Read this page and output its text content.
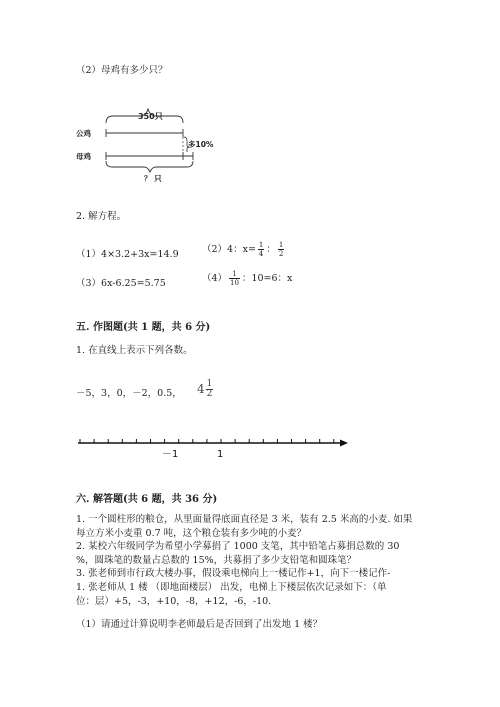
（2）母鸡有多少只？
350只
公鸡
母鸡
多10%
？ 只
2. 解方程。
（1）4×3.2+3x=14.9 （2）4：$x= \frac{1}{4}$ ： $\frac{1}{2}$
（3）6x-6.25=5.75	$(4) \frac{1}{10}$ ：10=6：x
五. 作图题(共 1 题，共 6 分)
1. 在直线上表示下列各数。
－5，3，0，－2，0.5， $4 \frac{1}{2}$
－1	1
六. 解答题(共 6 题，共 36 分)
1. 一个圆柱形的粮仓，从里面量得底面直径是 3 米，装有 2.5 米高的小麦. 如果
每立方米小麦重 0.7 吨，这个粮仓装有多少吨的小麦？
2. 某校六年级同学为希望小学募捐了 1000 支笔，其中铅笔占募捐总数的 30
%，圆珠笔的数量占总数的 15%，共募捐了多少支铅笔和圆珠笔？
3. 张老师到市行政大楼办事，假设乘电梯向上一楼记作+1，向下一楼记作-
1. 张老师从 1 楼 （即地面楼层） 出发，电梯上下楼层依次记录如下：（单
位：层）+5，-3，+10，-8，+12，-6，-10.
（1）请通过计算说明李老师最后是否回到了出发地 1 楼？
